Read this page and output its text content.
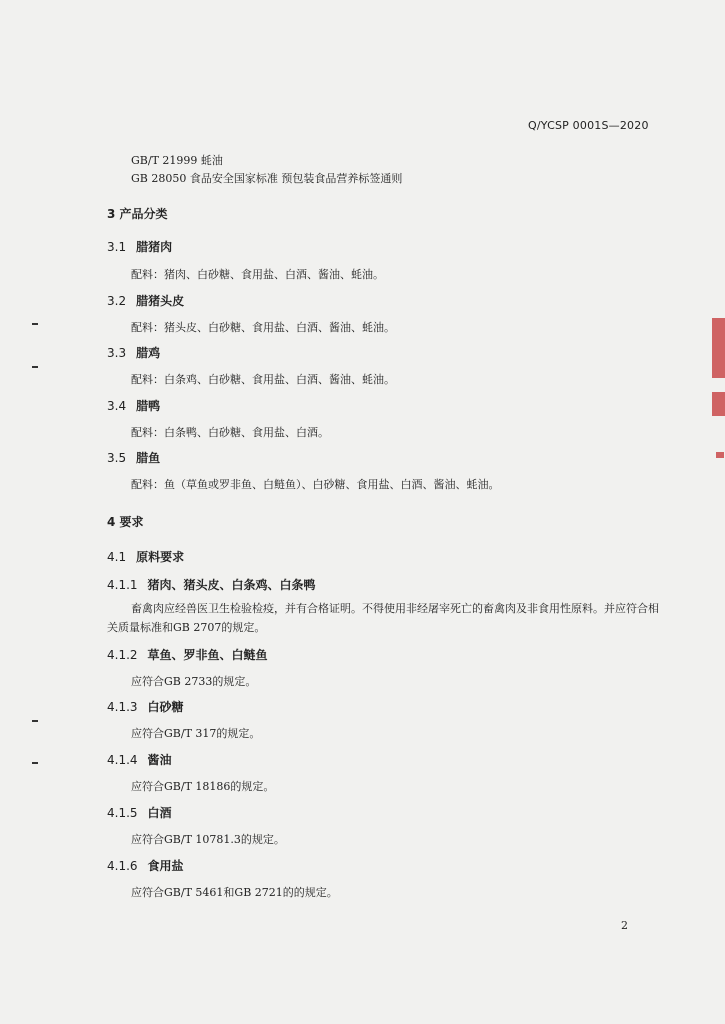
Q/YCSP 0001S—2020
GB/T 21999 蚝油
GB 28050 食品安全国家标准 预包装食品营养标签通则
3 产品分类
3.1 腊猪肉
配料：猪肉、白砂糖、食用盐、白酒、酱油、蚝油。
3.2 腊猪头皮
配料：猪头皮、白砂糖、食用盐、白酒、酱油、蚝油。
3.3 腊鸡
配料：白条鸡、白砂糖、食用盐、白酒、酱油、蚝油。
3.4 腊鸭
配料：白条鸭、白砂糖、食用盐、白酒。
3.5 腊鱼
配料：鱼（草鱼或罗非鱼、白鲢鱼）、白砂糖、食用盐、白酒、酱油、蚝油。
4 要求
4.1 原料要求
4.1.1 猪肉、猪头皮、白条鸡、白条鸭
畜禽肉应经兽医卫生检验检疫，并有合格证明。不得使用非经屠宰死亡的畜禽肉及非食用性原料。并应符合相关质量标准和GB 2707的规定。
4.1.2 草鱼、罗非鱼、白鲢鱼
应符合GB 2733的规定。
4.1.3 白砂糖
应符合GB/T 317的规定。
4.1.4 酱油
应符合GB/T 18186的规定。
4.1.5 白酒
应符合GB/T 10781.3的规定。
4.1.6 食用盐
应符合GB/T 5461和GB 2721的的规定。
2
